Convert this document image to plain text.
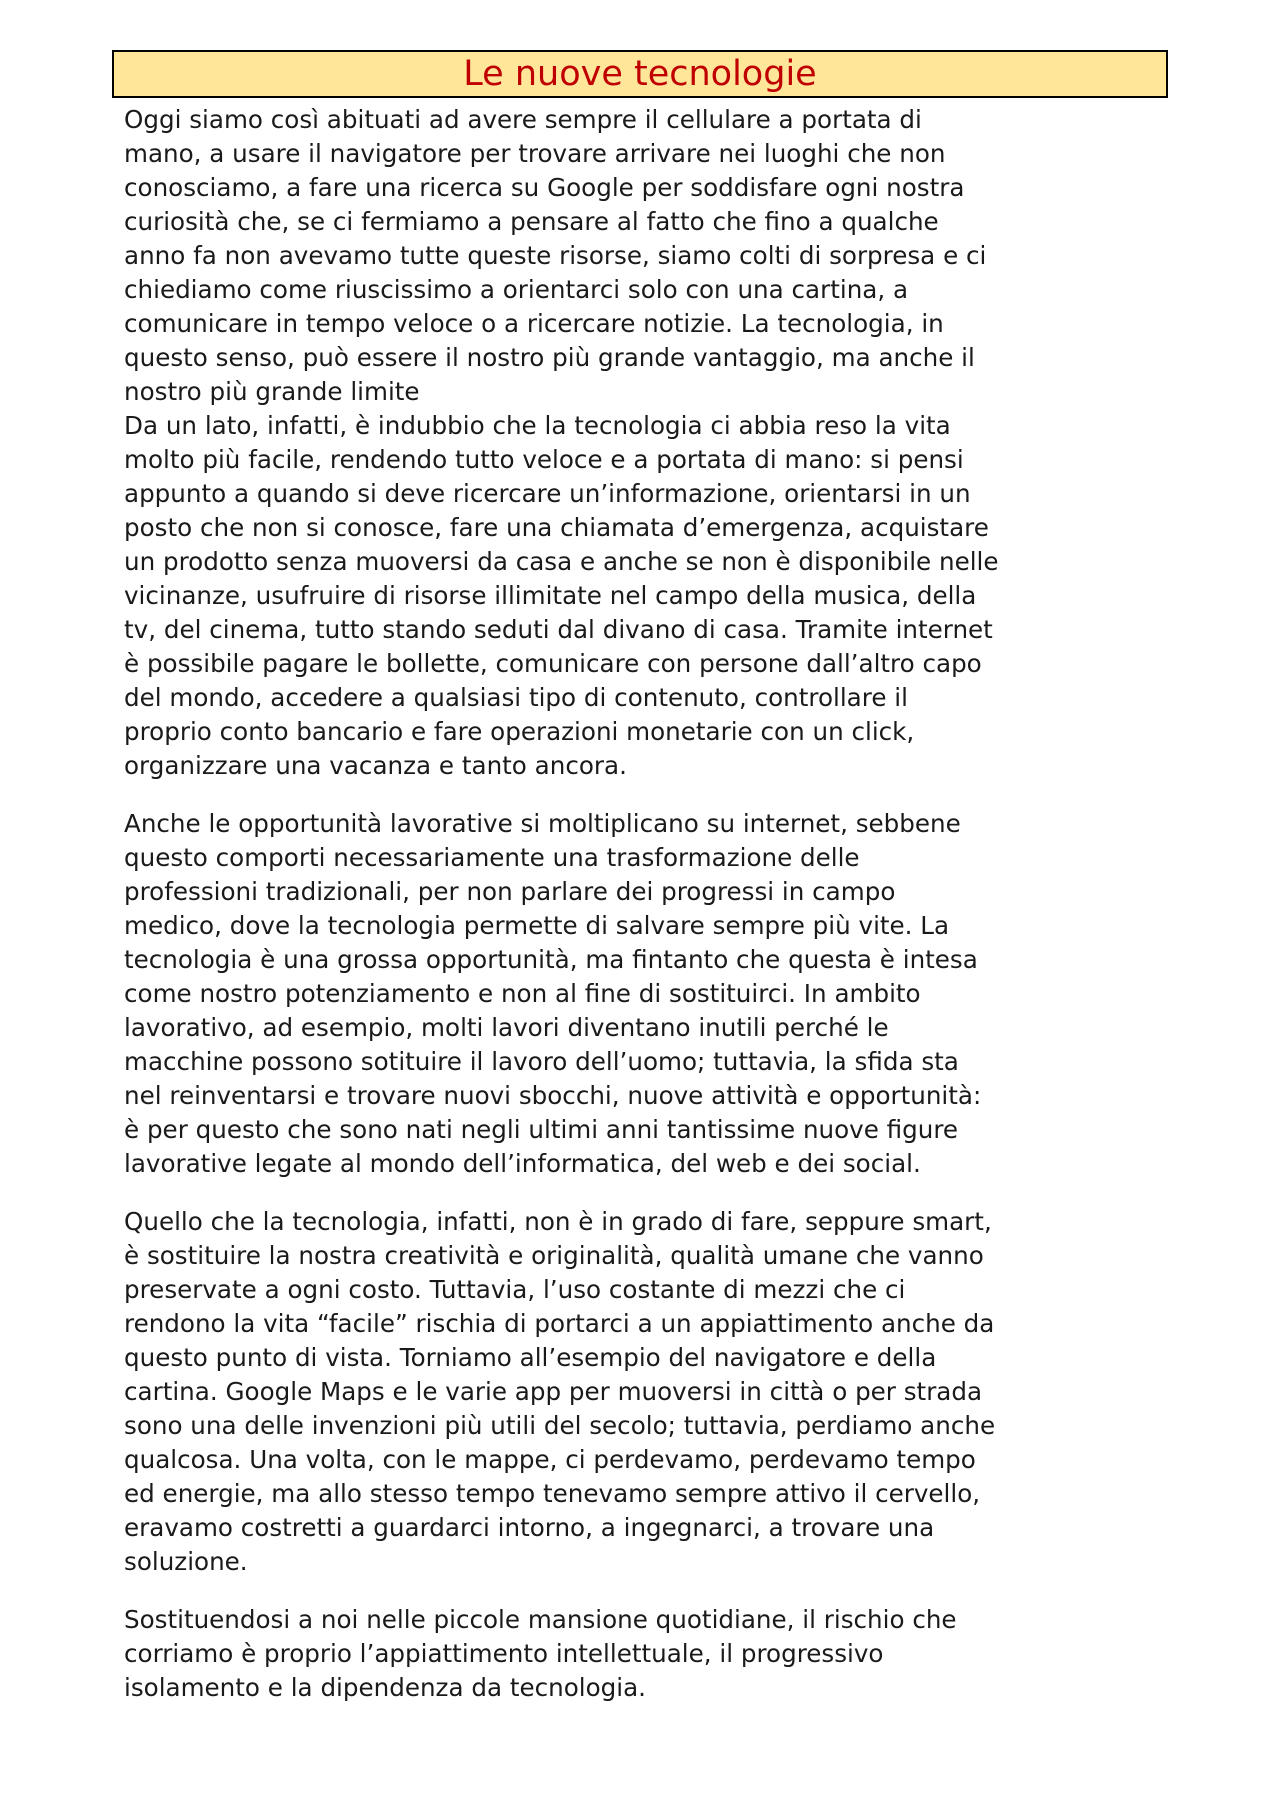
Le nuove tecnologie

Oggi siamo così abituati ad avere sempre il cellulare a portata di
mano, a usare il navigatore per trovare arrivare nei luoghi che non
conosciamo, a fare una ricerca su Google per soddisfare ogni nostra
curiosità che, se ci fermiamo a pensare al fatto che fino a qualche
anno fa non avevamo tutte queste risorse, siamo colti di sorpresa e ci
chiediamo come riuscissimo a orientarci solo con una cartina, a
comunicare in tempo veloce o a ricercare notizie. La tecnologia, in
questo senso, può essere il nostro più grande vantaggio, ma anche il
nostro più grande limite

Da un lato, infatti, è indubbio che la tecnologia ci abbia reso la vita
molto più facile, rendendo tutto veloce e a portata di mano: si pensi
appunto a quando si deve ricercare un’informazione, orientarsi in un
posto che non si conosce, fare una chiamata d’emergenza, acquistare
un prodotto senza muoversi da casa e anche se non è disponibile nelle
vicinanze, usufruire di risorse illimitate nel campo della musica, della
tv, del cinema, tutto stando seduti dal divano di casa. Tramite internet
è possibile pagare le bollette, comunicare con persone dall’altro capo
del mondo, accedere a qualsiasi tipo di contenuto, controllare il
proprio conto bancario e fare operazioni monetarie con un click,
organizzare una vacanza e tanto ancora.

Anche le opportunità lavorative si moltiplicano su internet, sebbene
questo comporti necessariamente una trasformazione delle
professioni tradizionali, per non parlare dei progressi in campo
medico, dove la tecnologia permette di salvare sempre più vite. La
tecnologia è una grossa opportunità, ma fintanto che questa è intesa
come nostro potenziamento e non al fine di sostituirci. In ambito
lavorativo, ad esempio, molti lavori diventano inutili perché le
macchine possono sotituire il lavoro dell’uomo; tuttavia, la sfida sta
nel reinventarsi e trovare nuovi sbocchi, nuove attività e opportunità:
è per questo che sono nati negli ultimi anni tantissime nuove figure
lavorative legate al mondo dell’informatica, del web e dei social.

Quello che la tecnologia, infatti, non è in grado di fare, seppure smart,
è sostituire la nostra creatività e originalità, qualità umane che vanno
preservate a ogni costo. Tuttavia, l’uso costante di mezzi che ci
rendono la vita “facile” rischia di portarci a un appiattimento anche da
questo punto di vista. Torniamo all’esempio del navigatore e della
cartina. Google Maps e le varie app per muoversi in città o per strada
sono una delle invenzioni più utili del secolo; tuttavia, perdiamo anche
qualcosa. Una volta, con le mappe, ci perdevamo, perdevamo tempo
ed energie, ma allo stesso tempo tenevamo sempre attivo il cervello,
eravamo costretti a guardarci intorno, a ingegnarci, a trovare una
soluzione.

Sostituendosi a noi nelle piccole mansione quotidiane, il rischio che
corriamo è proprio l’appiattimento intellettuale, il progressivo
isolamento e la dipendenza da tecnologia.
